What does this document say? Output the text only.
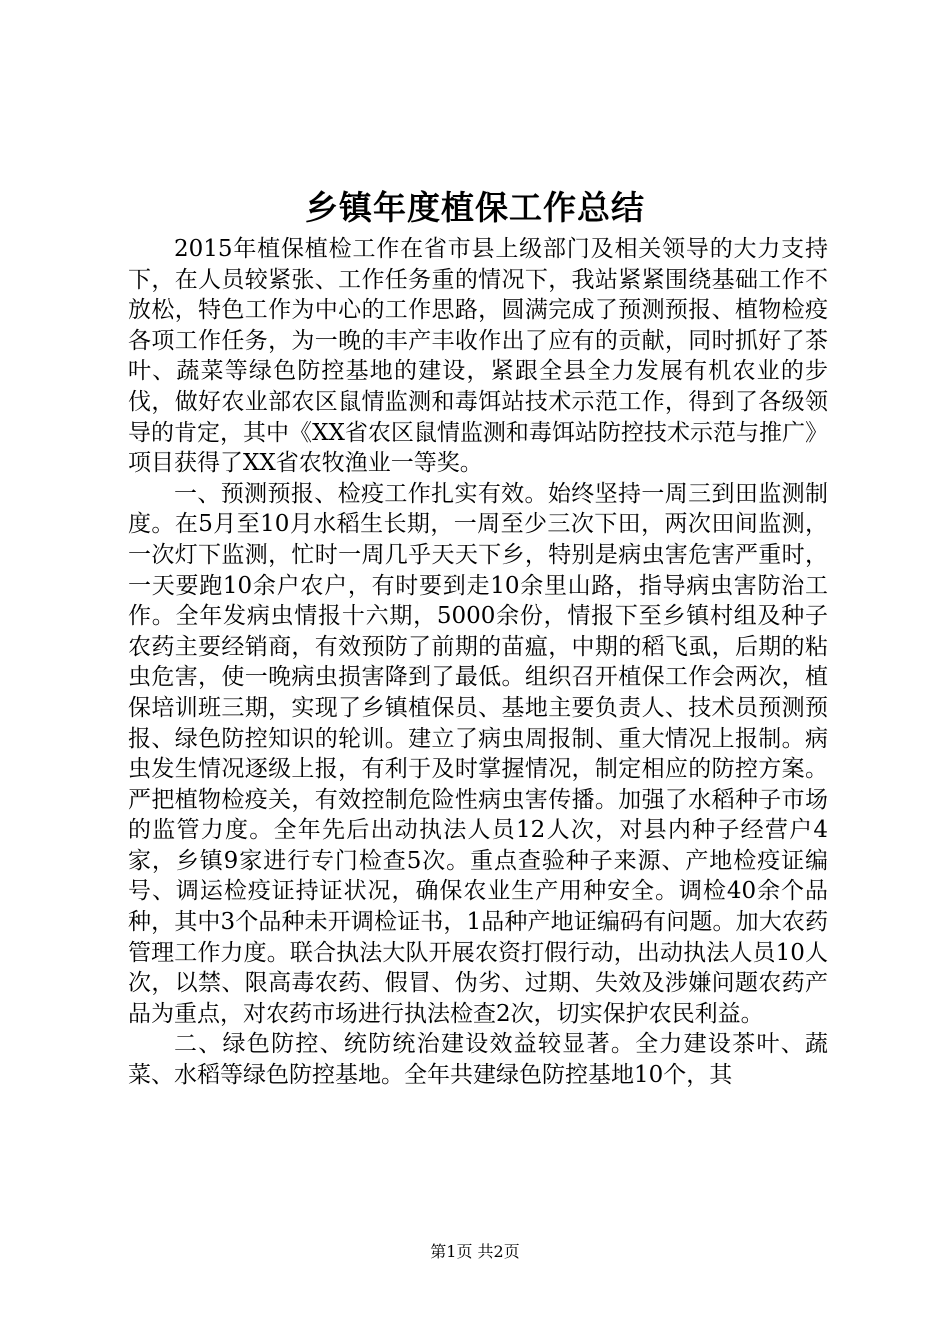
乡镇年度植保工作总结

2015年植保植检工作在省市县上级部门及相关领导的大力支持下，在人员较紧张、工作任务重的情况下，我站紧紧围绕基础工作不放松，特色工作为中心的工作思路，圆满完成了预测预报、植物检疫各项工作任务，为一晚的丰产丰收作出了应有的贡献，同时抓好了茶叶、蔬菜等绿色防控基地的建设，紧跟全县全力发展有机农业的步伐，做好农业部农区鼠情监测和毒饵站技术示范工作，得到了各级领导的肯定，其中《XX省农区鼠情监测和毒饵站防控技术示范与推广》项目获得了XX省农牧渔业一等奖。

一、预测预报、检疫工作扎实有效。始终坚持一周三到田监测制度。在5月至10月水稻生长期，一周至少三次下田，两次田间监测，一次灯下监测，忙时一周几乎天天下乡，特别是病虫害危害严重时，一天要跑10余户农户，有时要到走10余里山路，指导病虫害防治工作。全年发病虫情报十六期，5000余份，情报下至乡镇村组及种子农药主要经销商，有效预防了前期的苗瘟，中期的稻飞虱，后期的粘虫危害，使一晚病虫损害降到了最低。组织召开植保工作会两次，植保培训班三期，实现了乡镇植保员、基地主要负责人、技术员预测预报、绿色防控知识的轮训。建立了病虫周报制、重大情况上报制。病虫发生情况逐级上报，有利于及时掌握情况，制定相应的防控方案。严把植物检疫关，有效控制危险性病虫害传播。加强了水稻种子市场的监管力度。全年先后出动执法人员12人次，对县内种子经营户4家，乡镇9家进行专门检查5次。重点查验种子来源、产地检疫证编号、调运检疫证持证状况，确保农业生产用种安全。调检40余个品种，其中3个品种未开调检证书，1品种产地证编码有问题。加大农药管理工作力度。联合执法大队开展农资打假行动，出动执法人员10人次，以禁、限高毒农药、假冒、伪劣、过期、失效及涉嫌问题农药产品为重点，对农药市场进行执法检查2次，切实保护农民利益。

二、绿色防控、统防统治建设效益较显著。全力建设茶叶、蔬菜、水稻等绿色防控基地。全年共建绿色防控基地10个，其

第1页 共2页
